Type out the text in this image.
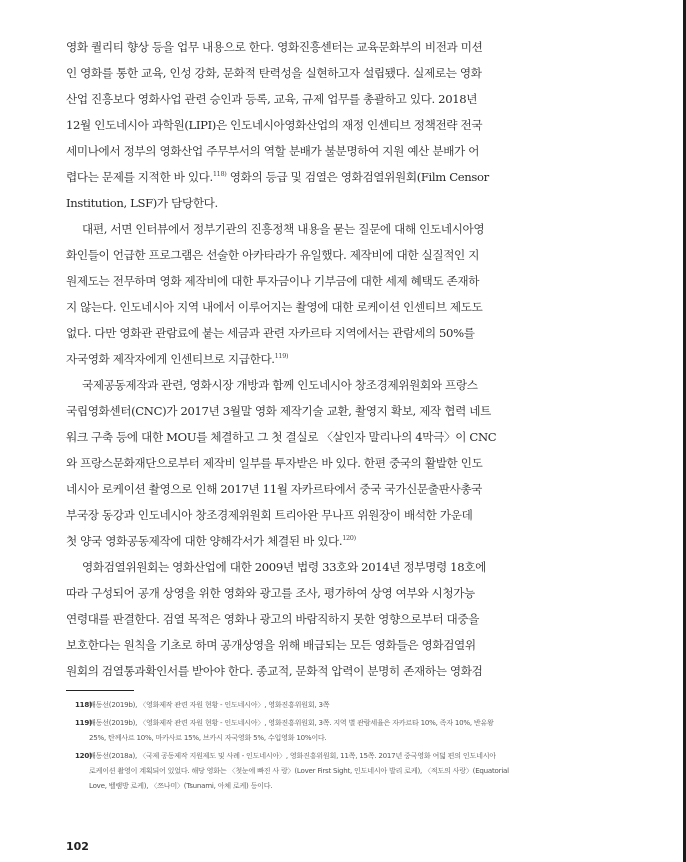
영화 퀄리티 향상 등을 업무 내용으로 한다. 영화진흥센터는 교육문화부의 비전과 미션
인 영화를 통한 교육, 인성 강화, 문화적 탄력성을 실현하고자 설립됐다. 실제로는 영화
산업 진흥보다 영화사업 관련 승인과 등록, 교육, 규제 업무를 총괄하고 있다. 2018년
12월 인도네시아 과학원(LIPI)은 인도네시아영화산업의 재정 인센티브 정책전략 전국
세미나에서 정부의 영화산업 주무부서의 역할 분배가 불분명하여 지원 예산 분배가 어
렵다는 문제를 지적한 바 있다.$^{118)}$ 영화의 등급 및 검열은 영화검열위원회(Film Censor
Institution, LSF)가 담당한다.
대편, 서면 인터뷰에서 정부기관의 진흥정책 내용을 묻는 질문에 대해 인도네시아영
화인들이 언급한 프로그램은 선술한 아카타라가 유일했다. 제작비에 대한 실질적인 지
원제도는 전무하며 영화 제작비에 대한 투자금이나 기부금에 대한 세제 혜택도 존재하
지 않는다. 인도네시아 지역 내에서 이루어지는 촬영에 대한 로케이션 인센티브 제도도
없다. 다만 영화관 관람료에 붙는 세금과 관련 자카르타 지역에서는 관람세의 50%를
자국영화 제작자에게 인센티브로 지급한다.$^{119)}$
국제공동제작과 관련, 영화시장 개방과 함께 인도네시아 창조경제위원회와 프랑스
국립영화센터(CNC)가 2017년 3월말 영화 제작기술 교환, 촬영지 확보, 제작 협력 네트
워크 구축 등에 대한 MOU를 체결하고 그 첫 결실로 〈살인자 말리나의 4막극〉이 CNC
와 프랑스문화재단으로부터 제작비 일부를 투자받은 바 있다. 한편 중국의 활발한 인도
네시아 로케이션 촬영으로 인해 2017년 11월 자카르타에서 중국 국가신문출판사총국
부국장 동강과 인도네시아 창조경제위원회 트리아완 무나프 위원장이 배석한 가운데
첫 양국 영화공동제작에 대한 양해각서가 체결된 바 있다.$^{120)}$
영화검열위원회는 영화산업에 대한 2009년 법령 33호와 2014년 정부명령 18호에
따라 구성되어 공개 상영을 위한 영화와 광고를 조사, 평가하여 상영 여부와 시청가능
연령대를 판결한다. 검열 목적은 영화나 광고의 바람직하지 못한 영향으로부터 대중을
보호한다는 원칙을 기초로 하며 공개상영을 위해 배급되는 모든 영화들은 영화검열위
원회의 검열통과확인서를 받아야 한다. 종교적, 문화적 압력이 분명히 존재하는 영화검
118)
배동선(2019b), 〈영화제작 관련 자원 현황 - 인도네시아〉, 영화진흥위원회, 3쪽
119)
배동선(2019b), 〈영화제작 관련 자원 현황 - 인도네시아〉, 영화진흥위원회, 3쪽. 지역 별 관람세율은 자카르타 10%, 족자 10%, 반유왕
25%, 탄께사르 10%, 마카사르 15%, 브카시 자국영화 5%, 수입영화 10%이다.
120)
배동선(2018a), 〈국제 공동제작 지원제도 및 사례 - 인도네시아〉, 영화진흥위원회, 11쪽, 15쪽. 2017년 중국영화 여덟 편의 인도네시아
로케이션 촬영이 계획되어 있었다. 해당 영화는 〈첫눈에 빠진 사 랑〉(Lover First Sight, 인도네시아 발리 로케), 〈적도의 사랑〉(Equatorial
Love, 벨램방 로케), 〈쯔나미〉(Tsunami, 아체 로케) 등이다.
102
